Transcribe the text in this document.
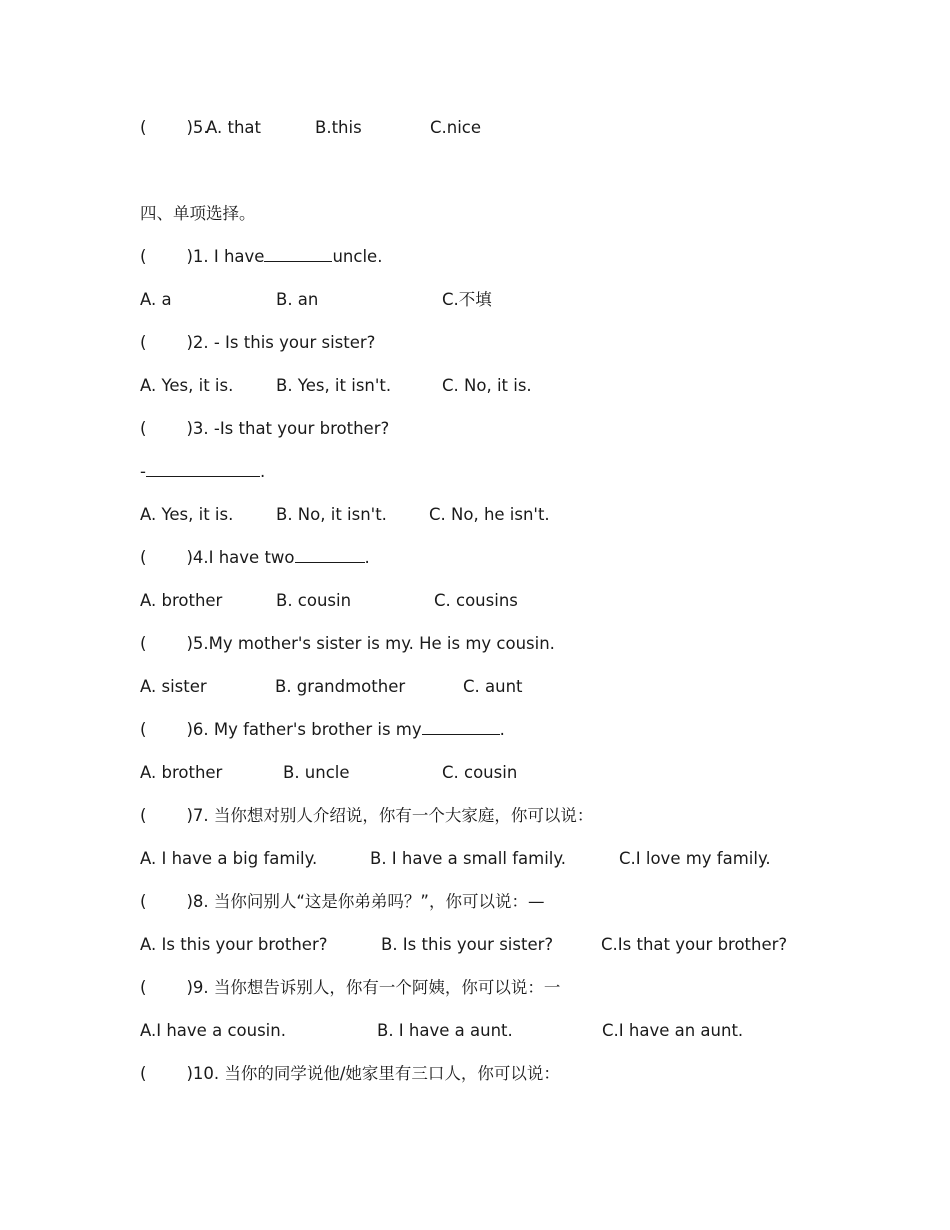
( )5.
A. that	B.this	C.nice
四、单项选择。
( )1. I have	uncle.
A. a	B. an	C.不填
( )2. - Is this your sister?
A. Yes, it is.	B. Yes, it isn't.	C. No, it is.
( )3. -Is that your brother?
-	.
A. Yes, it is.	B. No, it isn't.	C. No, he isn't.
( )4.I have two	.
A. brother	B. cousin	C. cousins
( )5.My mother's sister is my. He is my cousin.
A. sister	B. grandmother	C. aunt
( )6. My father's brother is my	.
A. brother	B. uncle	C. cousin
( )7. 当你想对别人介绍说，你有一个大家庭，你可以说：
A. I have a big family.	B. I have a small family.	C.I love my family.
( )8. 当你问别人“这是你弟弟吗？”，你可以说：—
A. Is this your brother?	B. Is this your sister?	C.Is that your brother?
( )9. 当你想告诉别人，你有一个阿姨，你可以说：一
A.I have a cousin.	B. I have a aunt.	C.I have an aunt.
( )10. 当你的同学说他/她家里有三口人，你可以说：
